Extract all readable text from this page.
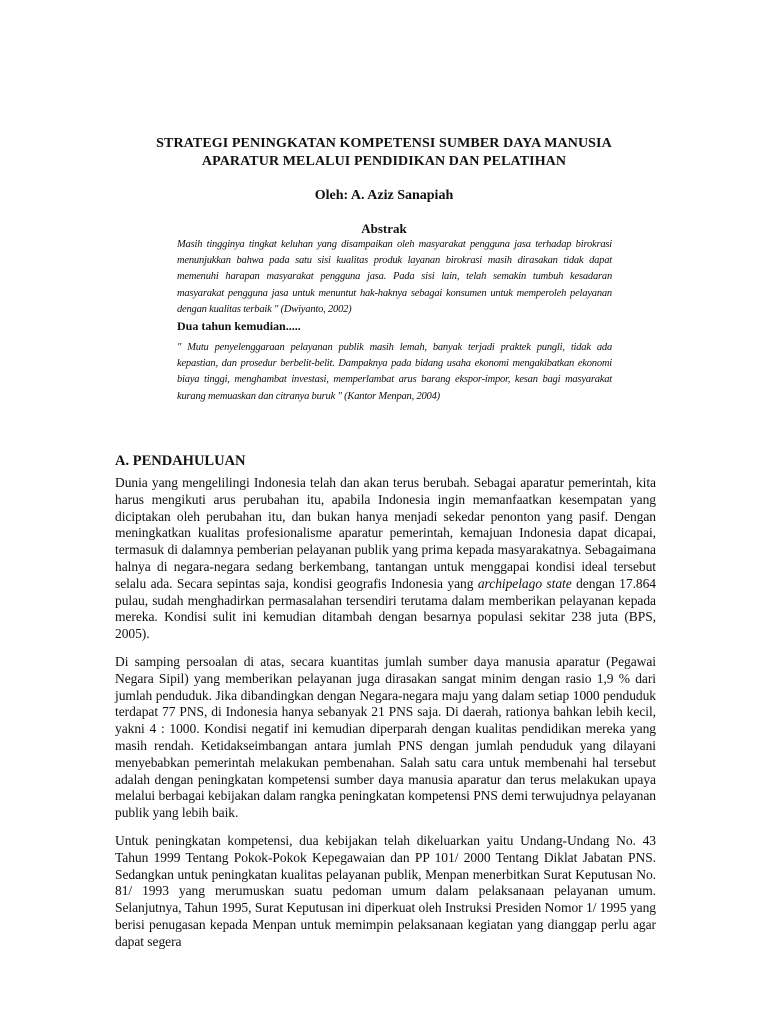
STRATEGI PENINGKATAN KOMPETENSI SUMBER DAYA MANUSIA
APARATUR MELALUI PENDIDIKAN DAN PELATIHAN
Oleh: A. Aziz Sanapiah
Abstrak
Masih tingginya tingkat keluhan yang disampaikan oleh masyarakat pengguna jasa terhadap birokrasi menunjukkan bahwa pada satu sisi kualitas produk layanan birokrasi masih dirasakan tidak dapat memenuhi harapan masyarakat pengguna jasa. Pada sisi lain, telah semakin tumbuh kesadaran masyarakat pengguna jasa untuk menuntut hak-haknya sebagai konsumen untuk memperoleh pelayanan dengan kualitas terbaik " (Dwiyanto, 2002)
Dua tahun kemudian.....
" Mutu penyelenggaraan pelayanan publik masih lemah, banyak terjadi praktek pungli, tidak ada kepastian, dan prosedur berbelit-belit. Dampaknya pada bidang usaha ekonomi mengakibatkan ekonomi biaya tinggi, menghambat investasi, memperlambat arus barang ekspor-impor, kesan bagi masyarakat kurang memuaskan dan citranya buruk " (Kantor Menpan, 2004)
A. PENDAHULUAN
Dunia yang mengelilingi Indonesia telah dan akan terus berubah. Sebagai aparatur pemerintah, kita harus mengikuti arus perubahan itu, apabila Indonesia ingin memanfaatkan kesempatan yang diciptakan oleh perubahan itu, dan bukan hanya menjadi sekedar penonton yang pasif. Dengan meningkatkan kualitas profesionalisme aparatur pemerintah, kemajuan Indonesia dapat dicapai, termasuk di dalamnya pemberian pelayanan publik yang prima kepada masyarakatnya. Sebagaimana halnya di negara-negara sedang berkembang, tantangan untuk menggapai kondisi ideal tersebut selalu ada. Secara sepintas saja, kondisi geografis Indonesia yang archipelago state dengan 17.864 pulau, sudah menghadirkan permasalahan tersendiri terutama dalam memberikan pelayanan kepada mereka. Kondisi sulit ini kemudian ditambah dengan besarnya populasi sekitar 238 juta (BPS, 2005).
Di samping persoalan di atas, secara kuantitas jumlah sumber daya manusia aparatur (Pegawai Negara Sipil) yang memberikan pelayanan juga dirasakan sangat minim dengan rasio 1,9 % dari jumlah penduduk. Jika dibandingkan dengan Negara-negara maju yang dalam setiap 1000 penduduk terdapat 77 PNS, di Indonesia hanya sebanyak 21 PNS saja. Di daerah, rationya bahkan lebih kecil, yakni 4 : 1000. Kondisi negatif ini kemudian diperparah dengan kualitas pendidikan mereka yang masih rendah. Ketidakseimbangan antara jumlah PNS dengan jumlah penduduk yang dilayani menyebabkan pemerintah melakukan pembenahan. Salah satu cara untuk membenahi hal tersebut adalah dengan peningkatan kompetensi sumber daya manusia aparatur dan terus melakukan upaya melalui berbagai kebijakan dalam rangka peningkatan kompetensi PNS demi terwujudnya pelayanan publik yang lebih baik.
Untuk peningkatan kompetensi, dua kebijakan telah dikeluarkan yaitu Undang-Undang No. 43 Tahun 1999 Tentang Pokok-Pokok Kepegawaian dan PP 101/ 2000 Tentang Diklat Jabatan PNS. Sedangkan untuk peningkatan kualitas pelayanan publik, Menpan menerbitkan Surat Keputusan No. 81/ 1993 yang merumuskan suatu pedoman umum dalam pelaksanaan pelayanan umum. Selanjutnya, Tahun 1995, Surat Keputusan ini diperkuat oleh Instruksi Presiden Nomor 1/ 1995 yang berisi penugasan kepada Menpan untuk memimpin pelaksanaan kegiatan yang dianggap perlu agar dapat segera
